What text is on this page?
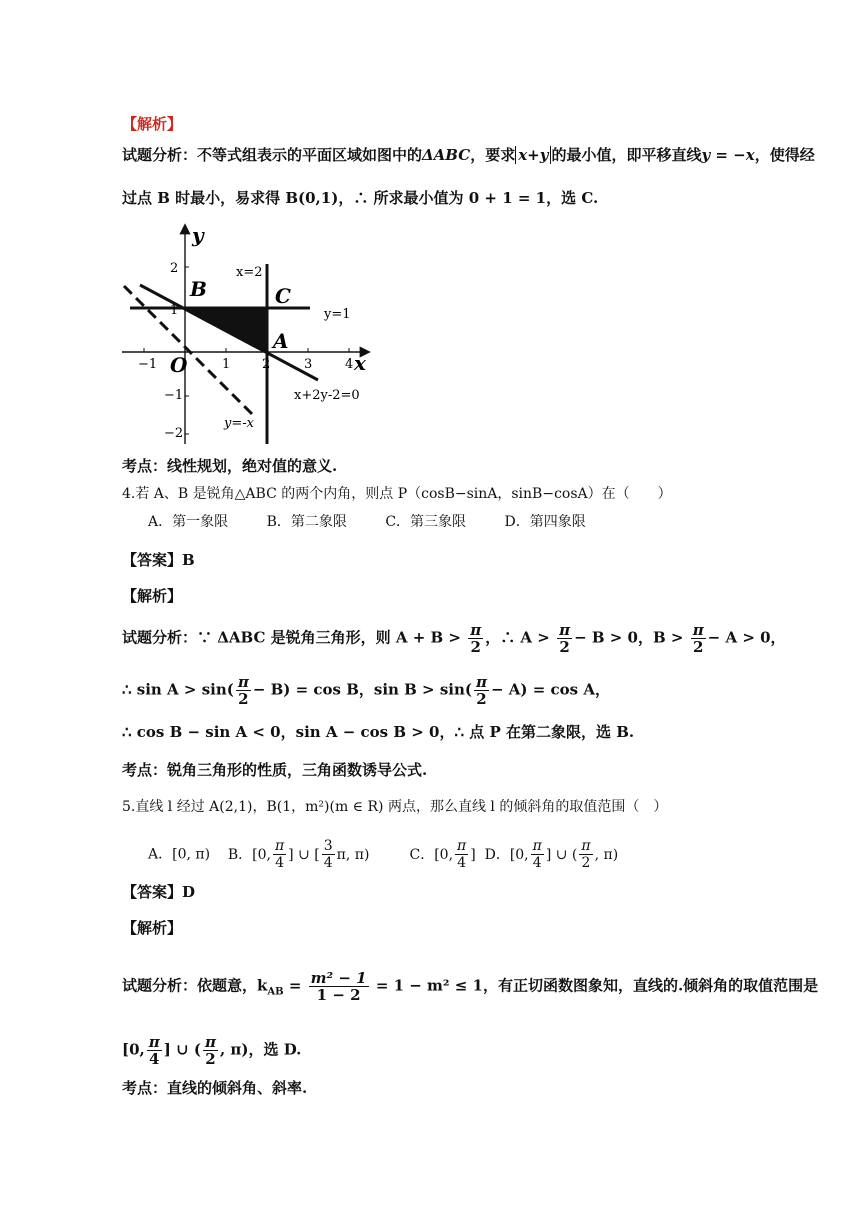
【解析】
试题分析：不等式组表示的平面区域如图中的ΔABC，要求 x+y 的最小值，即平移直线y = −x，使得经
过点 B 时最小，易求得 B(0,1)，∴ 所求最小值为 0 + 1 = 1，选 C.
−1	1 2	3	4
2
1
−1
−2
y
x
O
B	C
A
x=2
y=1
x+2y-2=0
y=-x
考点：线性规划，绝对值的意义.
4.若 A、B 是锐角△ABC 的两个内角，则点 P（cosB−sinA，sinB−cosA）在（　　）
A．第一象限	B．第二象限	C．第三象限	D．第四象限
【答案】B
【解析】
试题分析：∵ ΔABC 是锐角三角形，则 $A + B > \frac{\pi}{2}$ ，∴ $A > \frac{\pi}{2} - B > 0$，$B > \frac{\pi}{2} - A > 0$，
∴ $\sin A > \sin( \frac{\pi}{2} - B) = \cos B$，$\sin B > \sin( \frac{\pi}{2} - A) = \cos A$，
∴ cos B − sin A < 0，sin A − cos B > 0，∴ 点 P 在第二象限，选 B.
考点：锐角三角形的性质，三角函数诱导公式.
5.直线 l 经过 A(2,1)，B(1，m²)(m ∈ R) 两点，那么直线 l 的倾斜角的取值范围（　）
A．[0, π) B．[0, $\frac{\pi}{4}$ ] ∪ [ $\frac{3}{4} \pi$, π)	C．[0, $\frac{\pi}{4}$ ] D．[0, $\frac{\pi}{4}$ ] ∪ ( $\frac{\pi}{2}$ , π)
【答案】D
【解析】
试题分析：依题意，$k_{AB} = \frac{\text{m² − 1}}{1 - 2} = 1 - m^2 \le 1$，有正切函数图象知，直线的.倾斜角的取值范围是
[0, $\frac{\pi}{4}$ ] ∪ ( $\frac{\pi}{2}$ , π)，选 D.
考点：直线的倾斜角、斜率.
